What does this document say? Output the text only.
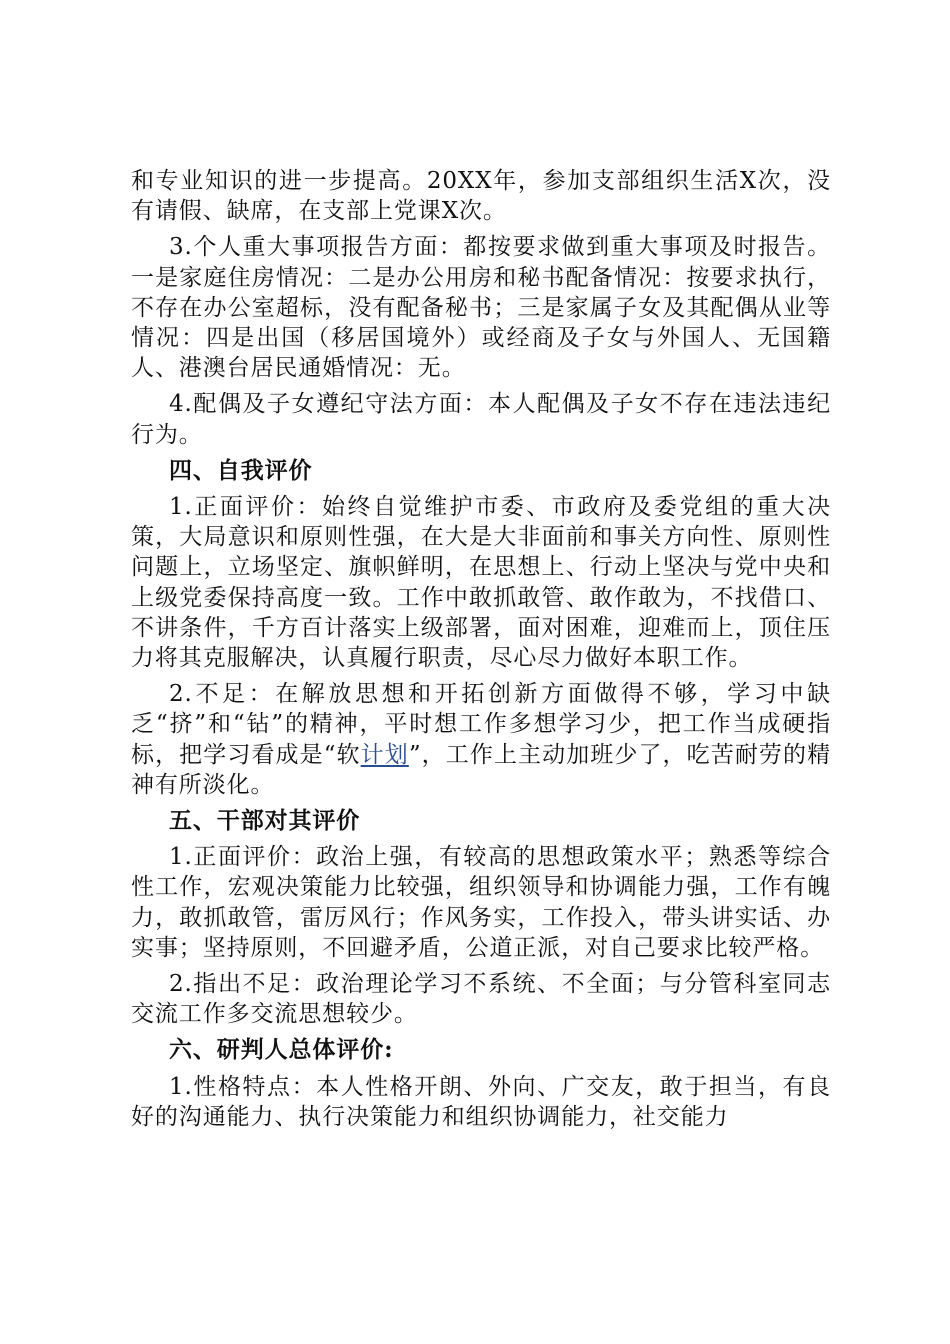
和专业知识的进一步提高。20XX年，参加支部组织生活X次，没有请假、缺席，在支部上党课X次。

3.个人重大事项报告方面：都按要求做到重大事项及时报告。一是家庭住房情况：二是办公用房和秘书配备情况：按要求执行，不存在办公室超标，没有配备秘书；三是家属子女及其配偶从业等情况：四是出国（移居国境外）或经商及子女与外国人、无国籍人、港澳台居民通婚情况：无。

4.配偶及子女遵纪守法方面：本人配偶及子女不存在违法违纪行为。

四、自我评价

1.正面评价：始终自觉维护市委、市政府及委党组的重大决策，大局意识和原则性强，在大是大非面前和事关方向性、原则性问题上，立场坚定、旗帜鲜明，在思想上、行动上坚决与党中央和上级党委保持高度一致。工作中敢抓敢管、敢作敢为，不找借口、不讲条件，千方百计落实上级部署，面对困难，迎难而上，顶住压力将其克服解决，认真履行职责，尽心尽力做好本职工作。

2.不足：在解放思想和开拓创新方面做得不够，学习中缺乏“挤”和“钻”的精神，平时想工作多想学习少，把工作当成硬指标，把学习看成是“软计划”，工作上主动加班少了，吃苦耐劳的精神有所淡化。

五、干部对其评价

1.正面评价：政治上强，有较高的思想政策水平；熟悉等综合性工作，宏观决策能力比较强，组织领导和协调能力强，工作有魄力，敢抓敢管，雷厉风行；作风务实，工作投入，带头讲实话、办实事；坚持原则，不回避矛盾，公道正派，对自己要求比较严格。

2.指出不足：政治理论学习不系统、不全面；与分管科室同志交流工作多交流思想较少。

六、研判人总体评价:

1.性格特点：本人性格开朗、外向、广交友，敢于担当，有良好的沟通能力、执行决策能力和组织协调能力，社交能力
